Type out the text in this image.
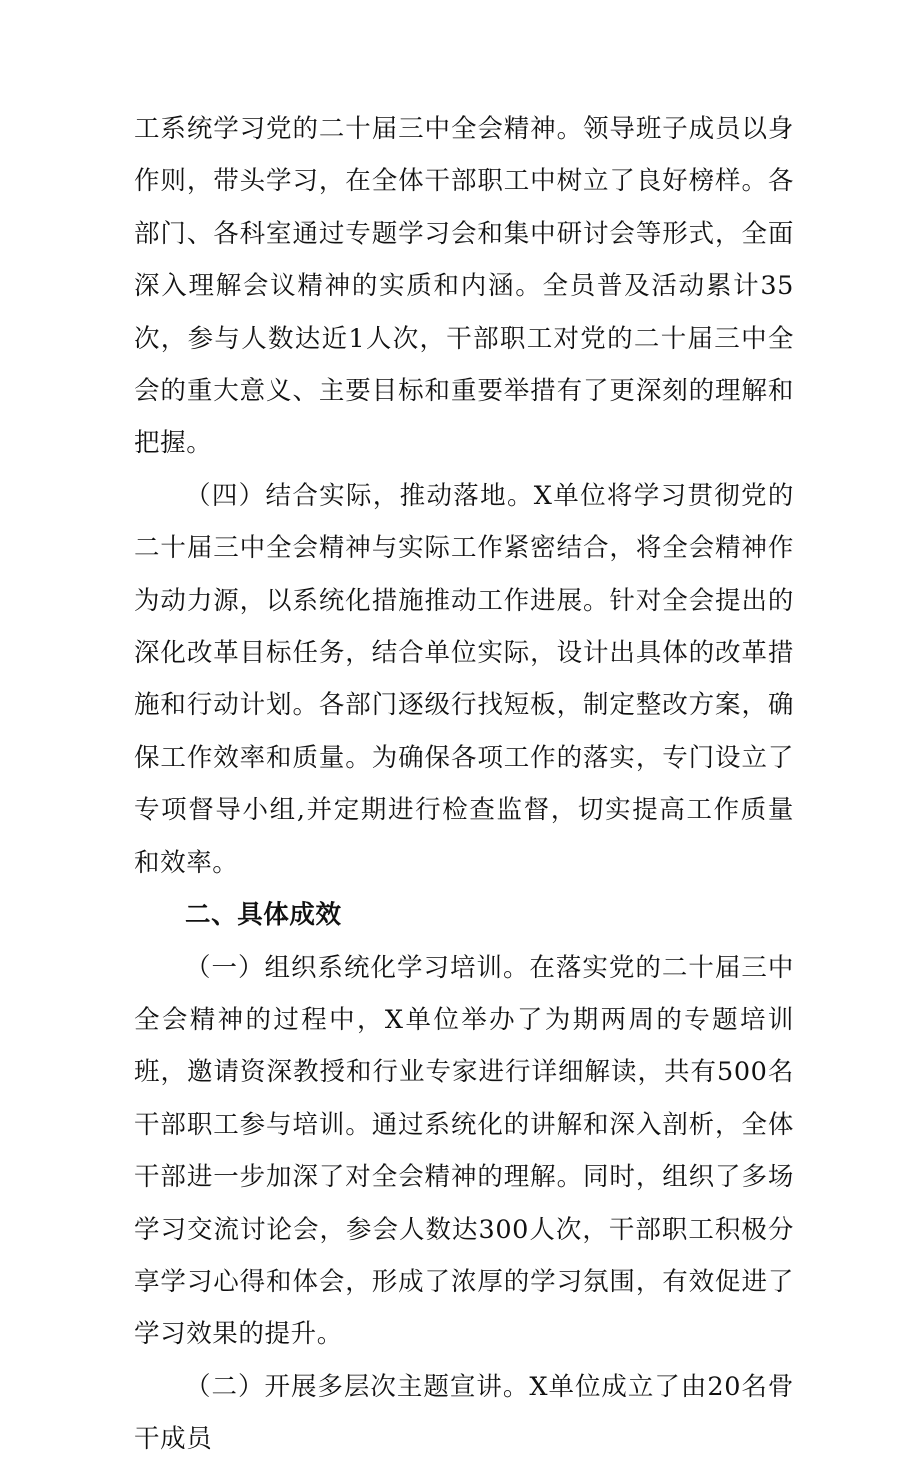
工系统学习党的二十届三中全会精神。领导班子成员以身作则，带头学习，在全体干部职工中树立了良好榜样。各部门、各科室通过专题学习会和集中研讨会等形式，全面深入理解会议精神的实质和内涵。全员普及活动累计35次，参与人数达近1人次，干部职工对党的二十届三中全会的重大意义、主要目标和重要举措有了更深刻的理解和把握。

（四）结合实际，推动落地。X单位将学习贯彻党的二十届三中全会精神与实际工作紧密结合，将全会精神作为动力源，以系统化措施推动工作进展。针对全会提出的深化改革目标任务，结合单位实际，设计出具体的改革措施和行动计划。各部门逐级行找短板，制定整改方案，确保工作效率和质量。为确保各项工作的落实，专门设立了专项督导小组,并定期进行检查监督，切实提高工作质量和效率。

二、具体成效

（一）组织系统化学习培训。在落实党的二十届三中全会精神的过程中，X单位举办了为期两周的专题培训班，邀请资深教授和行业专家进行详细解读，共有500名干部职工参与培训。通过系统化的讲解和深入剖析，全体干部进一步加深了对全会精神的理解。同时，组织了多场学习交流讨论会，参会人数达300人次，干部职工积极分享学习心得和体会，形成了浓厚的学习氛围，有效促进了学习效果的提升。

（二）开展多层次主题宣讲。X单位成立了由20名骨干成员
